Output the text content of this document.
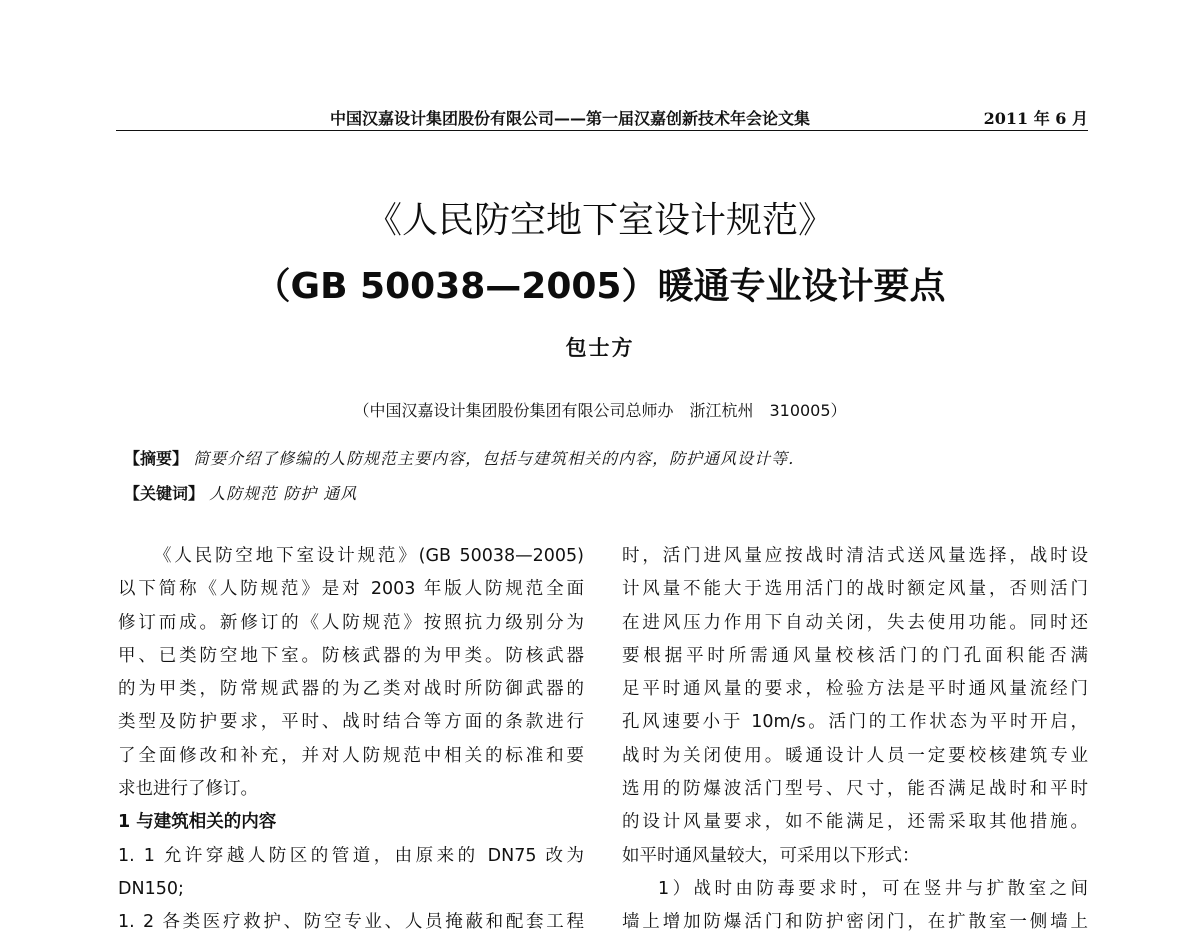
中国汉嘉设计集团股份有限公司——第一届汉嘉创新技术年会论文集	2011 年 6 月
《人民防空地下室设计规范》
（GB 50038—2005）暖通专业设计要点
包士方
（中国汉嘉设计集团股份集团有限公司总师办　浙江杭州　310005）
【摘要】 简要介绍了修编的人防规范主要内容，包括与建筑相关的内容，防护通风设计等．
【关键词】 人防规范 防护 通风
《人民防空地下室设计规范》(GB 50038—2005)
以下简称《人防规范》是对 2003 年版人防规范全面
修订而成。新修订的《人防规范》按照抗力级别分为
甲、已类防空地下室。防核武器的为甲类。防核武器
的为甲类，防常规武器的为乙类对战时所防御武器的
类型及防护要求，平时、战时结合等方面的条款进行
了全面修改和补充，并对人防规范中相关的标准和要
求也进行了修订。
1 与建筑相关的内容
1. 1 允许穿越人防区的管道，由原来的 DN75 改为
DN150;
1. 2 各类医疗救护、防空专业、人员掩蔽和配套工程
时，活门进风量应按战时清洁式送风量选择，战时设
计风量不能大于选用活门的战时额定风量，否则活门
在进风压力作用下自动关闭，失去使用功能。同时还
要根据平时所需通风量校核活门的门孔面积能否满
足平时通风量的要求，检验方法是平时通风量流经门
孔风速要小于 10m/s。活门的工作状态为平时开启，
战时为关闭使用。暖通设计人员一定要校核建筑专业
选用的防爆波活门型号、尺寸，能否满足战时和平时
的设计风量要求，如不能满足，还需采取其他措施。
如平时通风量较大，可采用以下形式：
1）战时由防毒要求时，可在竖井与扩散室之间
墙上增加防爆活门和防护密闭门，在扩散室一侧墙上
